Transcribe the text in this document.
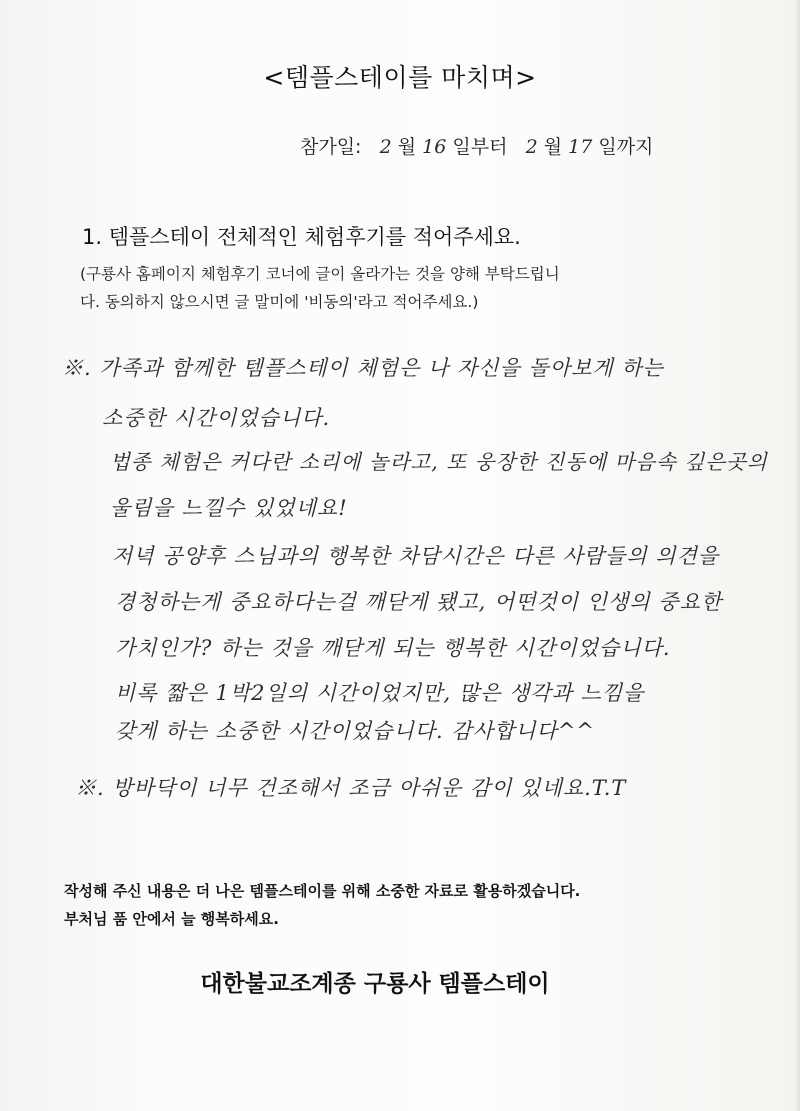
<템플스테이를 마치며>
참가일: 2 월 16 일부터 2 월 17 일까지
1. 템플스테이 전체적인 체험후기를 적어주세요.
(구룡사 홈페이지 체험후기 코너에 글이 올라가는 것을 양해 부탁드립니
다. 동의하지 않으시면 글 말미에 '비동의'라고 적어주세요.)
※. 가족과 함께한 템플스테이 체험은 나 자신을 돌아보게 하는
소중한 시간이었습니다.
법종 체험은 커다란 소리에 놀라고, 또 웅장한 진동에 마음속 깊은곳의
울림을 느낄수 있었네요!
저녁 공양후 스님과의 행복한 차담시간은 다른 사람들의 의견을
경청하는게 중요하다는걸 깨닫게 됐고, 어떤것이 인생의 중요한
가치인가? 하는 것을 깨닫게 되는 행복한 시간이었습니다.
비록 짧은 1박2일의 시간이었지만, 많은 생각과 느낌을
갖게 하는 소중한 시간이었습니다. 감사합니다^^
※. 방바닥이 너무 건조해서 조금 아쉬운 감이 있네요.T.T
작성해 주신 내용은 더 나은 템플스테이를 위해 소중한 자료로 활용하겠습니다.
부처님 품 안에서 늘 행복하세요.
대한불교조계종 구룡사 템플스테이
